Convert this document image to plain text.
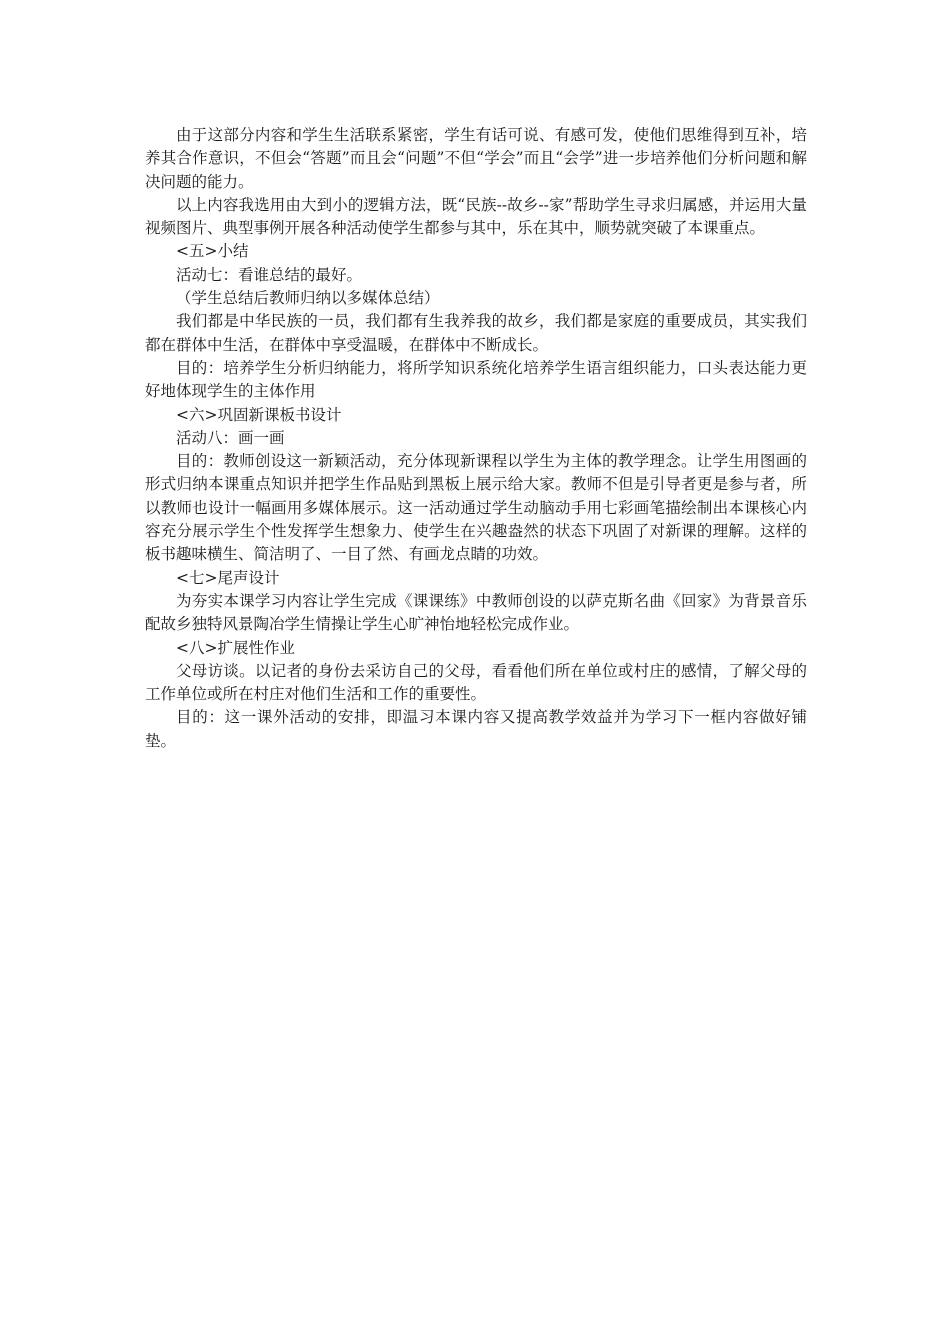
由于这部分内容和学生生活联系紧密，学生有话可说、有感可发，使他们思维得到互补，培养其合作意识，不但会“答题”而且会“问题”不但“学会”而且“会学”进一步培养他们分析问题和解决问题的能力。

以上内容我选用由大到小的逻辑方法，既“民族--故乡--家”帮助学生寻求归属感，并运用大量视频图片、典型事例开展各种活动使学生都参与其中，乐在其中，顺势就突破了本课重点。

<五>小结

活动七：看谁总结的最好。

（学生总结后教师归纳以多媒体总结）

我们都是中华民族的一员，我们都有生我养我的故乡，我们都是家庭的重要成员，其实我们都在群体中生活，在群体中享受温暖，在群体中不断成长。

目的：培养学生分析归纳能力，将所学知识系统化培养学生语言组织能力，口头表达能力更好地体现学生的主体作用

<六>巩固新课板书设计

活动八：画一画

目的：教师创设这一新颖活动，充分体现新课程以学生为主体的教学理念。让学生用图画的形式归纳本课重点知识并把学生作品贴到黑板上展示给大家。教师不但是引导者更是参与者，所以教师也设计一幅画用多媒体展示。这一活动通过学生动脑动手用七彩画笔描绘制出本课核心内容充分展示学生个性发挥学生想象力、使学生在兴趣盎然的状态下巩固了对新课的理解。这样的板书趣味横生、简洁明了、一目了然、有画龙点睛的功效。

<七>尾声设计

为夯实本课学习内容让学生完成《课课练》中教师创设的以萨克斯名曲《回家》为背景音乐配故乡独特风景陶冶学生情操让学生心旷神怡地轻松完成作业。

<八>扩展性作业

父母访谈。以记者的身份去采访自己的父母，看看他们所在单位或村庄的感情，了解父母的工作单位或所在村庄对他们生活和工作的重要性。

目的：这一课外活动的安排，即温习本课内容又提高教学效益并为学习下一框内容做好铺垫。
